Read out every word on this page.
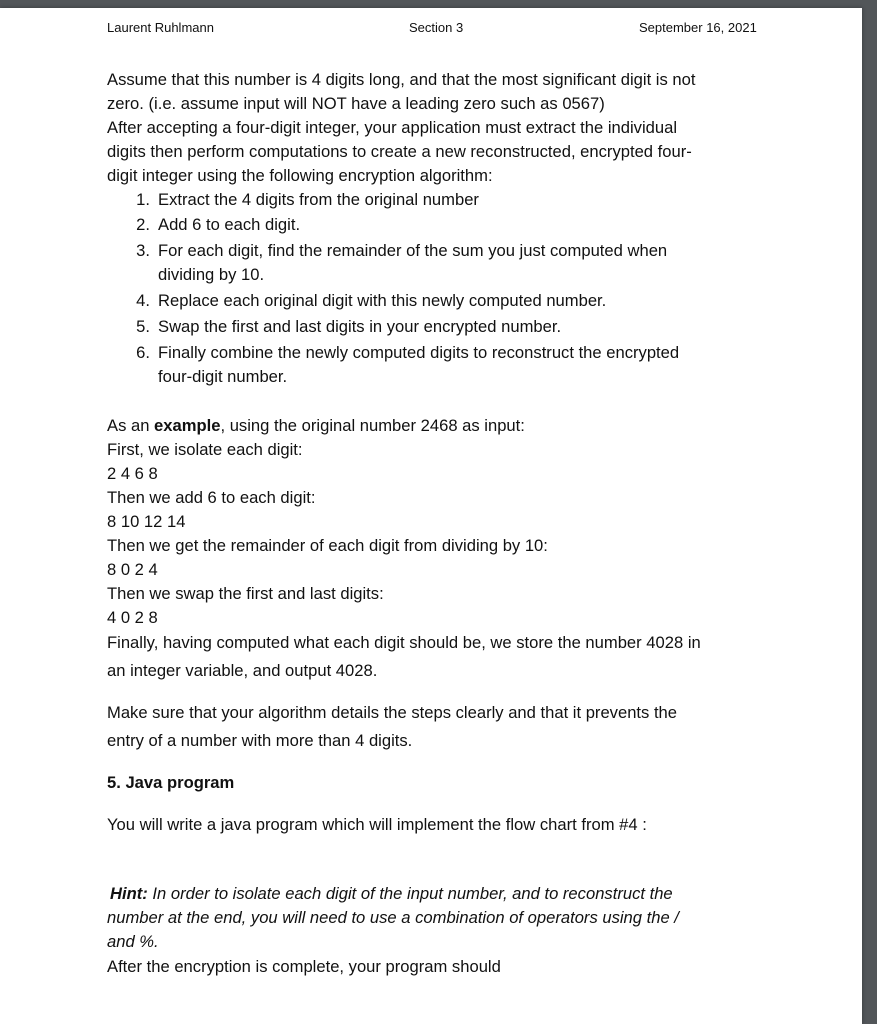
Laurent Ruhlmann	Section 3	September 16, 2021
Assume that this number is 4 digits long, and that the most significant digit is not
zero. (i.e. assume input will NOT have a leading zero such as 0567)
After accepting a four-digit integer, your application must extract the individual
digits then perform computations to create a new reconstructed, encrypted four-
digit integer using the following encryption algorithm:
1. Extract the 4 digits from the original number
2. Add 6 to each digit.
3. For each digit, find the remainder of the sum you just computed when
dividing by 10.
4. Replace each original digit with this newly computed number.
5. Swap the first and last digits in your encrypted number.
6. Finally combine the newly computed digits to reconstruct the encrypted
four-digit number.
As an example, using the original number 2468 as input:
First, we isolate each digit:
2 4 6 8
Then we add 6 to each digit:
8 10 12 14
Then we get the remainder of each digit from dividing by 10:
8 0 2 4
Then we swap the first and last digits:
4 0 2 8
Finally, having computed what each digit should be, we store the number 4028 in
an integer variable, and output 4028.
Make sure that your algorithm details the steps clearly and that it prevents the
entry of a number with more than 4 digits.
5. Java program
You will write a java program which will implement the flow chart from #4 :
Hint: In order to isolate each digit of the input number, and to reconstruct the
number at the end, you will need to use a combination of operators using the /
and %.
After the encryption is complete, your program should
